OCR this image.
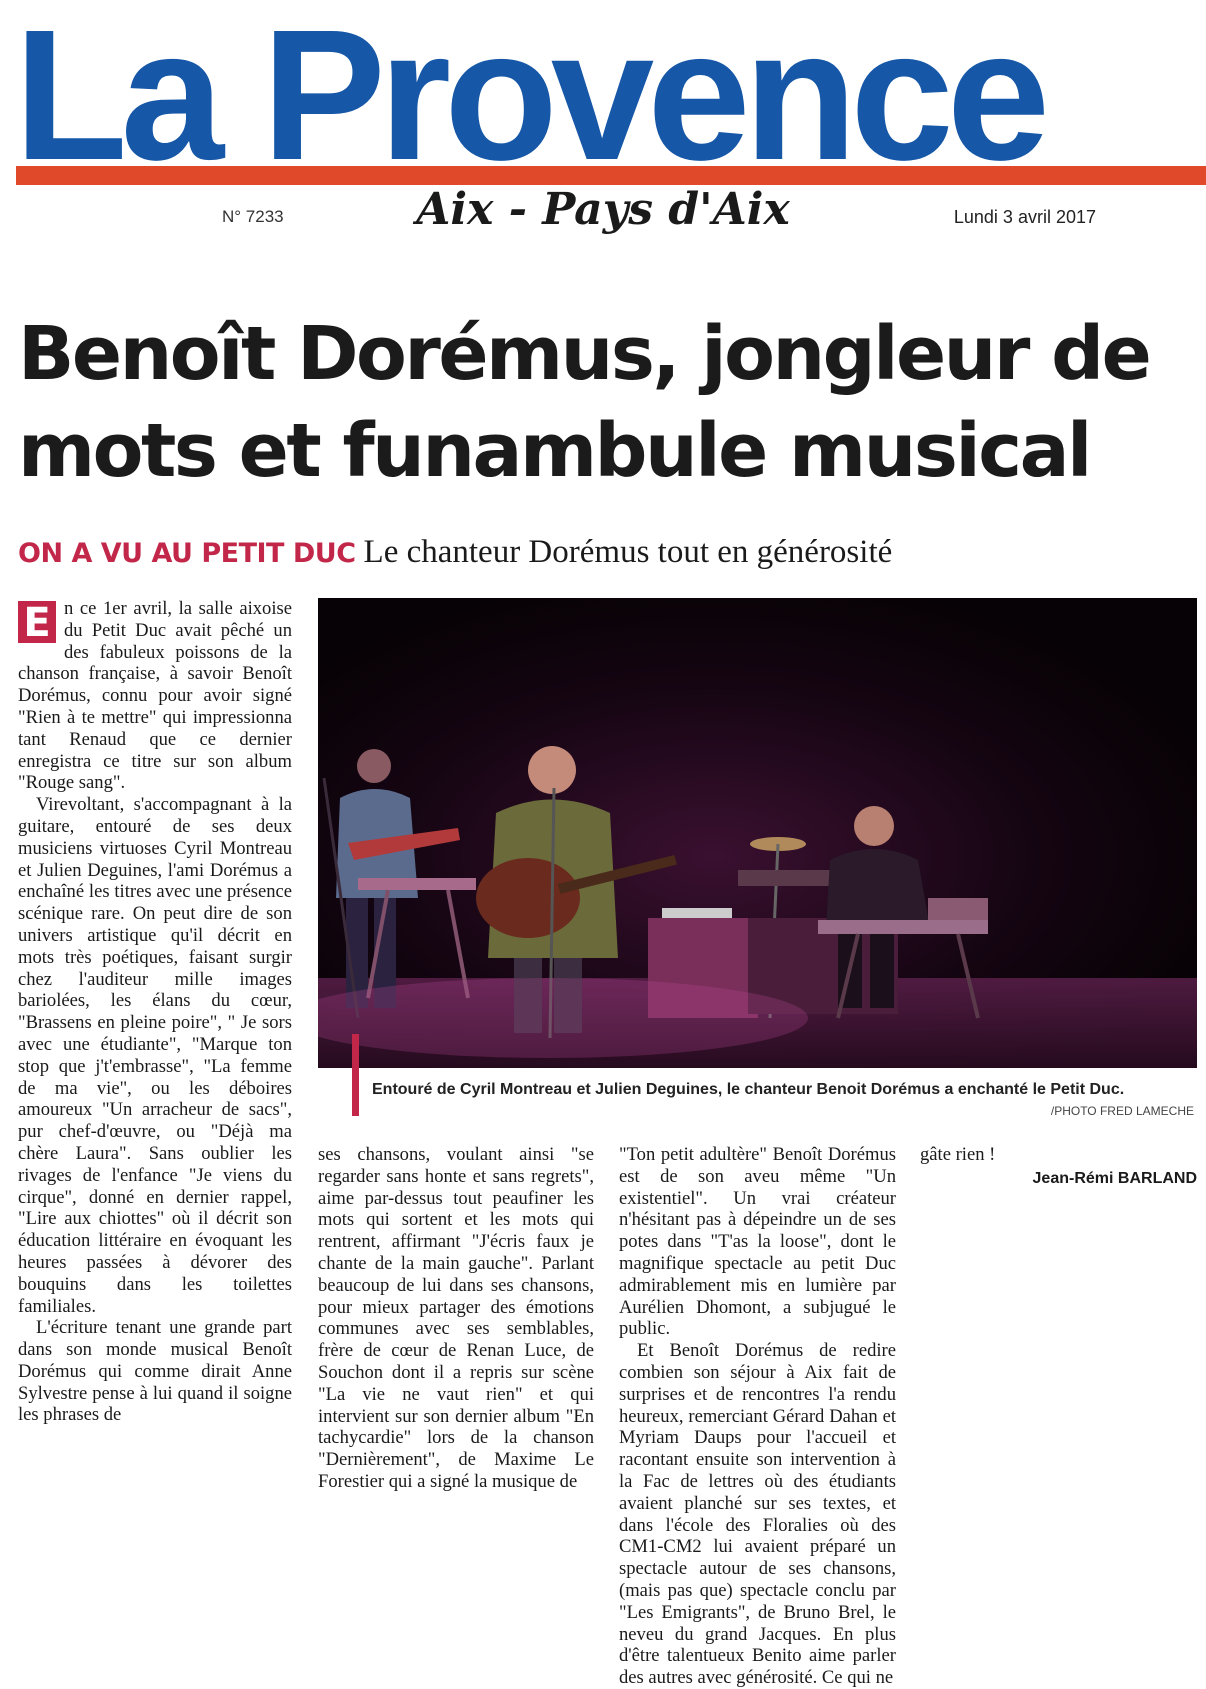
La Provence
N° 7233	Aix - Pays d'Aix	Lundi 3 avril 2017
Benoît Dorémus, jongleur de mots et funambule musical
ON A VU AU PETIT DUC Le chanteur Dorémus tout en générosité
Entouré de Cyril Montreau et Julien Deguines, le chanteur Benoit Dorémus a enchanté le Petit Duc.
/PHOTO FRED LAMECHE

E n ce 1er avril, la salle aixoise du Petit Duc avait pêché un des fabuleux poissons de la chanson française, à savoir Benoît Dorémus, connu pour avoir signé "Rien à te mettre" qui impressionna tant Renaud que ce dernier enregistra ce titre sur son album "Rouge sang".

Virevoltant, s'accompagnant à la guitare, entouré de ses deux musiciens virtuoses Cyril Montreau et Julien Deguines, l'ami Dorémus a enchaîné les titres avec une présence scénique rare. On peut dire de son univers artistique qu'il décrit en mots très poétiques, faisant surgir chez l'auditeur mille images bariolées, les élans du cœur, "Brassens en pleine poire", " Je sors avec une étudiante", "Marque ton stop que j't'embrasse", "La femme de ma vie", ou les déboires amoureux "Un arracheur de sacs", pur chef-d'œuvre, ou "Déjà ma chère Laura". Sans oublier les rivages de l'enfance "Je viens du cirque", donné en dernier rappel, "Lire aux chiottes" où il décrit son éducation littéraire en évoquant les heures passées à dévorer des bouquins dans les toilettes familiales.

L'écriture tenant une grande part dans son monde musical Benoît Dorémus qui comme dirait Anne Sylvestre pense à lui quand il soigne les phrases de

ses chansons, voulant ainsi "se regarder sans honte et sans regrets", aime par-dessus tout peaufiner les mots qui sortent et les mots qui rentrent, affirmant "J'écris faux je chante de la main gauche". Parlant beaucoup de lui dans ses chansons, pour mieux partager des émotions communes avec ses semblables, frère de cœur de Renan Luce, de Souchon dont il a repris sur scène "La vie ne vaut rien" et qui intervient sur son dernier album "En tachycardie" lors de la chanson "Dernièrement", de Maxime Le Forestier qui a signé la musique de

"Ton petit adultère" Benoît Dorémus est de son aveu même "Un existentiel". Un vrai créateur n'hésitant pas à dépeindre un de ses potes dans "T'as la loose", dont le magnifique spectacle au petit Duc admirablement mis en lumière par Aurélien Dhomont, a subjugué le public.

Et Benoît Dorémus de redire combien son séjour à Aix fait de surprises et de rencontres l'a rendu heureux, remerciant Gérard Dahan et Myriam Daups pour l'accueil et racontant ensuite son intervention à la Fac de lettres où des étudiants avaient planché sur ses textes, et dans l'école des Floralies où des CM1-CM2 lui avaient préparé un spectacle autour de ses chansons, (mais pas que) spectacle conclu par "Les Emigrants", de Bruno Brel, le neveu du grand Jacques. En plus d'être talentueux Benito aime parler des autres avec générosité. Ce qui ne

gâte rien !

Jean-Rémi BARLAND
